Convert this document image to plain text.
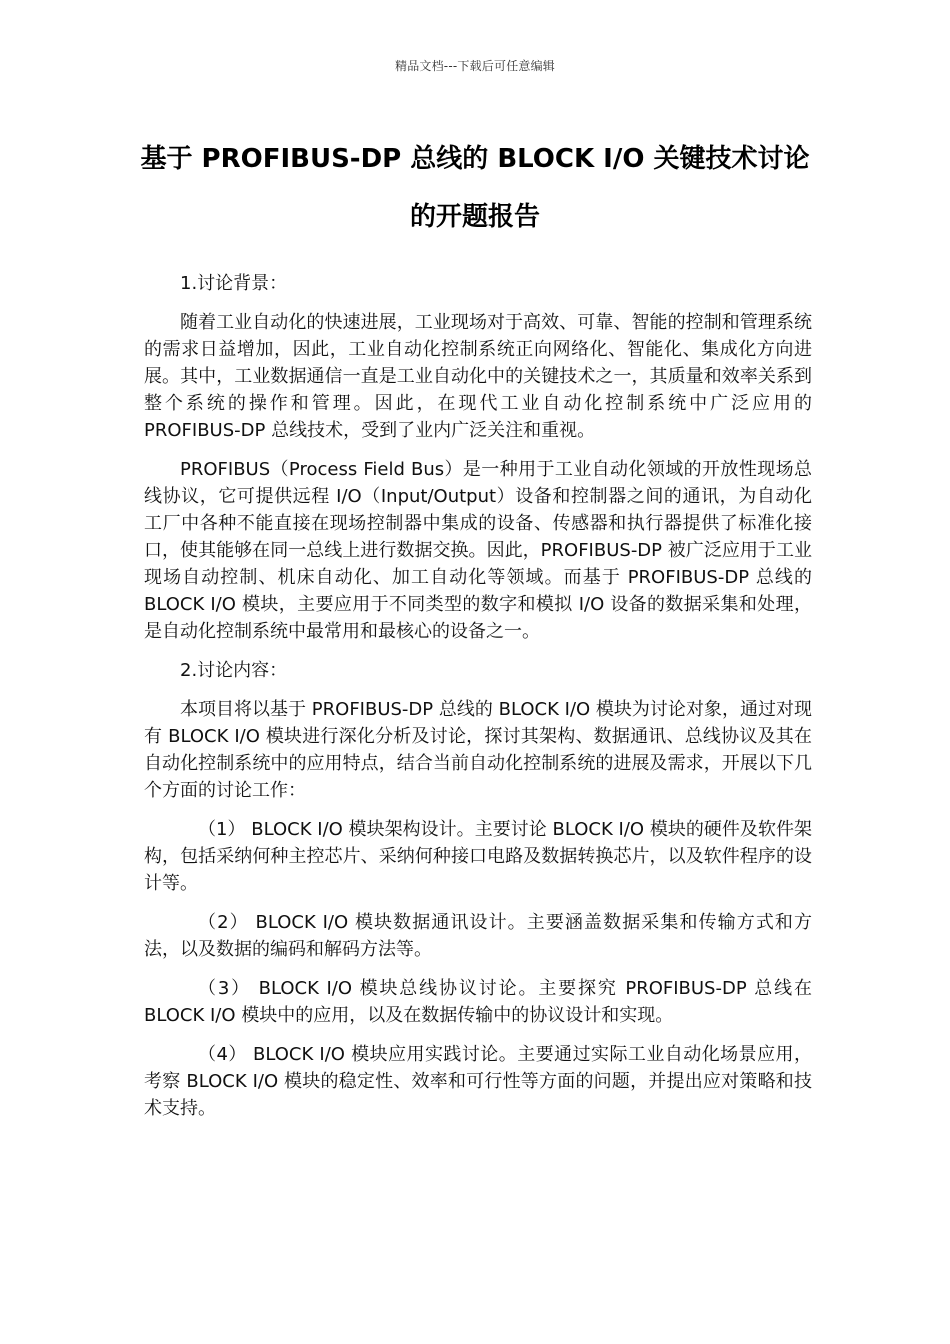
精品文档---下载后可任意编辑
基于 PROFIBUS-DP 总线的 BLOCK I/O 关键技术讨论的开题报告

1.讨论背景：

随着工业自动化的快速进展，工业现场对于高效、可靠、智能的控制和管理系统的需求日益增加，因此，工业自动化控制系统正向网络化、智能化、集成化方向进展。其中，工业数据通信一直是工业自动化中的关键技术之一，其质量和效率关系到整个系统的操作和管理。因此，在现代工业自动化控制系统中广泛应用的 PROFIBUS-DP 总线技术，受到了业内广泛关注和重视。

PROFIBUS（Process Field Bus）是一种用于工业自动化领域的开放性现场总线协议，它可提供远程 I/O（Input/Output）设备和控制器之间的通讯，为自动化工厂中各种不能直接在现场控制器中集成的设备、传感器和执行器提供了标准化接口，使其能够在同一总线上进行数据交换。因此，PROFIBUS-DP 被广泛应用于工业现场自动控制、机床自动化、加工自动化等领域。而基于 PROFIBUS-DP 总线的 BLOCK I/O 模块，主要应用于不同类型的数字和模拟 I/O 设备的数据采集和处理，是自动化控制系统中最常用和最核心的设备之一。

2.讨论内容：

本项目将以基于 PROFIBUS-DP 总线的 BLOCK I/O 模块为讨论对象，通过对现有 BLOCK I/O 模块进行深化分析及讨论，探讨其架构、数据通讯、总线协议及其在自动化控制系统中的应用特点，结合当前自动化控制系统的进展及需求，开展以下几个方面的讨论工作：

（1） BLOCK I/O 模块架构设计。主要讨论 BLOCK I/O 模块的硬件及软件架构，包括采纳何种主控芯片、采纳何种接口电路及数据转换芯片，以及软件程序的设计等。

（2） BLOCK I/O 模块数据通讯设计。主要涵盖数据采集和传输方式和方法，以及数据的编码和解码方法等。

（3） BLOCK I/O 模块总线协议讨论。主要探究 PROFIBUS-DP 总线在 BLOCK I/O 模块中的应用，以及在数据传输中的协议设计和实现。

（4） BLOCK I/O 模块应用实践讨论。主要通过实际工业自动化场景应用，考察 BLOCK I/O 模块的稳定性、效率和可行性等方面的问题，并提出应对策略和技术支持。
